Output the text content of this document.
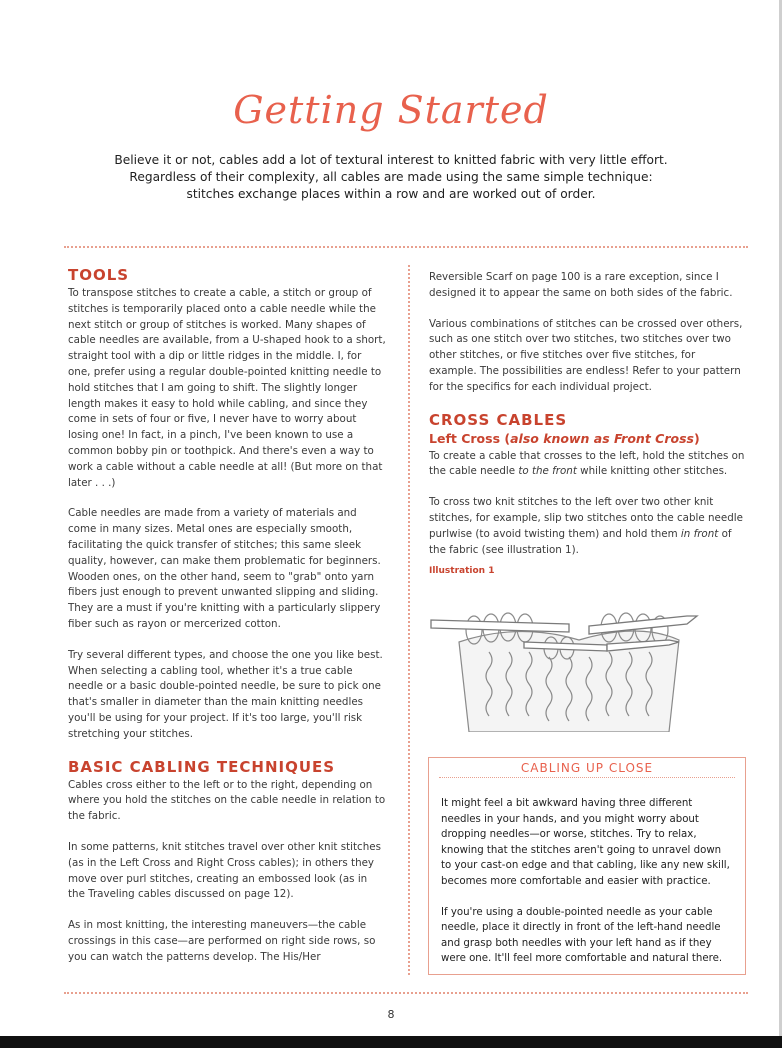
Getting Started

Believe it or not, cables add a lot of textural interest to knitted fabric with very little effort.

Regardless of their complexity, all cables are made using the same simple technique:

stitches exchange places within a row and are worked out of order.

TOOLS

To transpose stitches to create a cable, a stitch or group of stitches is temporarily placed onto a cable needle while the next stitch or group of stitches is worked. Many shapes of cable needles are available, from a U-shaped hook to a short, straight tool with a dip or little ridges in the middle. I, for one, prefer using a regular double-pointed knitting needle to hold stitches that I am going to shift. The slightly longer length makes it easy to hold while cabling, and since they come in sets of four or five, I never have to worry about losing one! In fact, in a pinch, I've been known to use a common bobby pin or toothpick. And there's even a way to work a cable without a cable needle at all! (But more on that later . . .)

Cable needles are made from a variety of materials and come in many sizes. Metal ones are especially smooth, facilitating the quick transfer of stitches; this same sleek quality, however, can make them problematic for beginners. Wooden ones, on the other hand, seem to "grab" onto yarn fibers just enough to prevent unwanted slipping and sliding. They are a must if you're knitting with a particularly slippery fiber such as rayon or mercerized cotton.

Try several different types, and choose the one you like best. When selecting a cabling tool, whether it's a true cable needle or a basic double-pointed needle, be sure to pick one that's smaller in diameter than the main knitting needles you'll be using for your project. If it's too large, you'll risk stretching your stitches.

BASIC CABLING TECHNIQUES

Cables cross either to the left or to the right, depending on where you hold the stitches on the cable needle in relation to the fabric.

In some patterns, knit stitches travel over other knit stitches (as in the Left Cross and Right Cross cables); in others they move over purl stitches, creating an embossed look (as in the Traveling cables discussed on page 12).

As in most knitting, the interesting maneuvers—the cable crossings in this case—are performed on right side rows, so you can watch the patterns develop. The His/Her

Reversible Scarf on page 100 is a rare exception, since I designed it to appear the same on both sides of the fabric.

Various combinations of stitches can be crossed over others, such as one stitch over two stitches, two stitches over two other stitches, or five stitches over five stitches, for example. The possibilities are endless! Refer to your pattern for the specifics for each individual project.

CROSS CABLES
Left Cross (also known as Front Cross)

To create a cable that crosses to the left, hold the stitches on the cable needle to the front while knitting other stitches.

To cross two knit stitches to the left over two other knit stitches, for example, slip two stitches onto the cable needle purlwise (to avoid twisting them) and hold them in front of the fabric (see illustration 1).

Illustration 1
CABLING UP CLOSE

It might feel a bit awkward having three different needles in your hands, and you might worry about dropping needles—or worse, stitches. Try to relax, knowing that the stitches aren't going to unravel down to your cast-on edge and that cabling, like any new skill, becomes more comfortable and easier with practice.

If you're using a double-pointed needle as your cable needle, place it directly in front of the left-hand needle and grasp both needles with your left hand as if they were one. It'll feel more comfortable and natural there.

8
